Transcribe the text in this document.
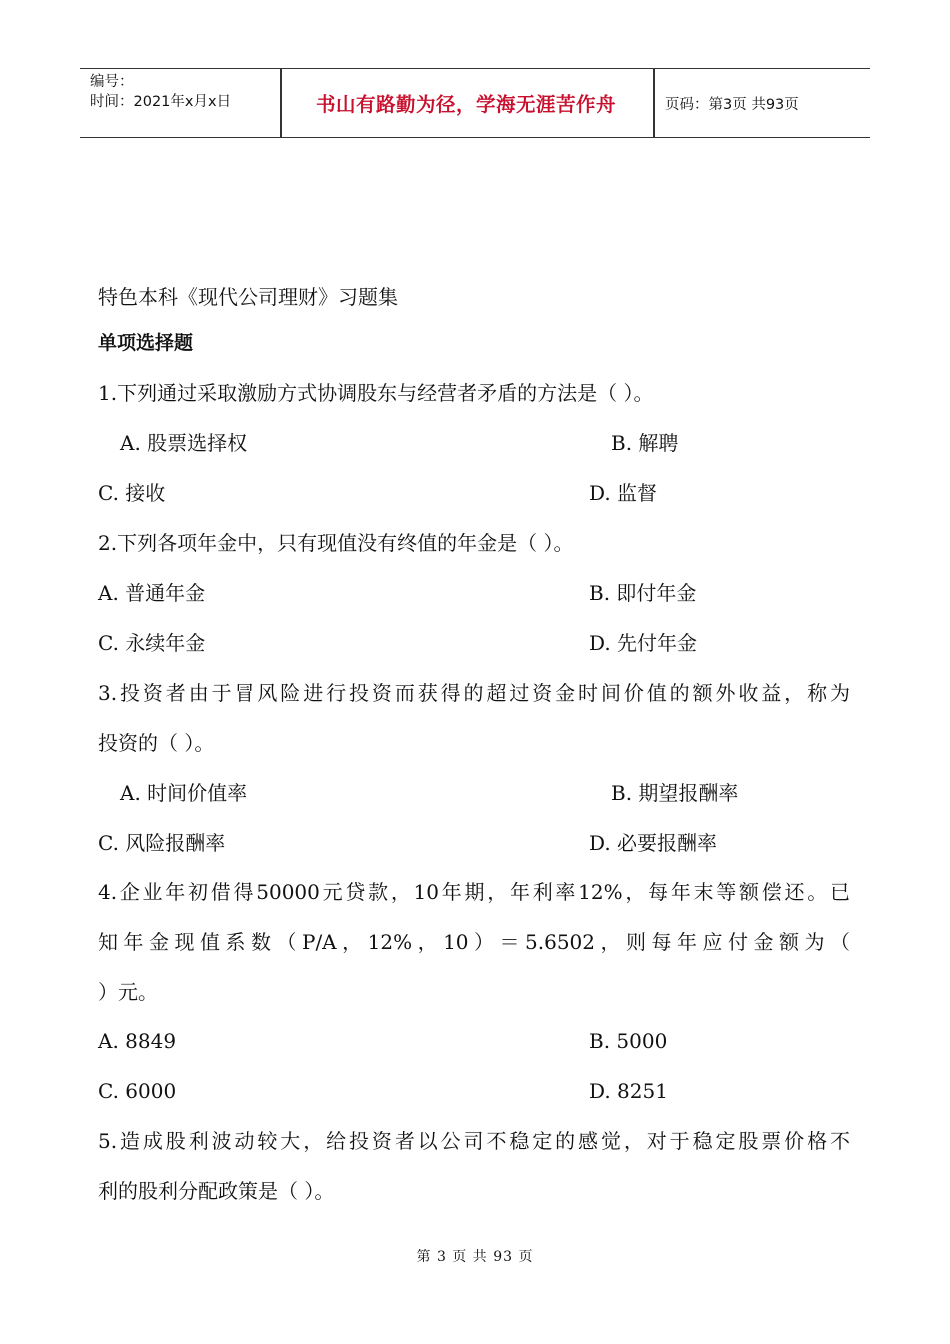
编号：
时间：2021年x月x日	书山有路勤为径，学海无涯苦作舟	页码：第3页 共93页
特色本科《现代公司理财》习题集
单项选择题
1.下列通过采取激励方式协调股东与经营者矛盾的方法是（ ）。
A. 股票选择权	B. 解聘
C. 接收	D. 监督
2.下列各项年金中，只有现值没有终值的年金是（ ）。
A. 普通年金	B. 即付年金
C. 永续年金	D. 先付年金
3.投资者由于冒风险进行投资而获得的超过资金时间价值的额外收益，称为
投资的（ ）。
A. 时间价值率	B. 期望报酬率
C. 风险报酬率	D. 必要报酬率
4.企业年初借得50000元贷款，10年期，年利率12%，每年末等额偿还。已
知年金现值系数（P/A，12%，10）＝5.6502，则每年应付金额为（
）元。
A. 8849	B. 5000
C. 6000	D. 8251
5.造成股利波动较大，给投资者以公司不稳定的感觉，对于稳定股票价格不
利的股利分配政策是（ ）。
第 3 页 共 93 页
